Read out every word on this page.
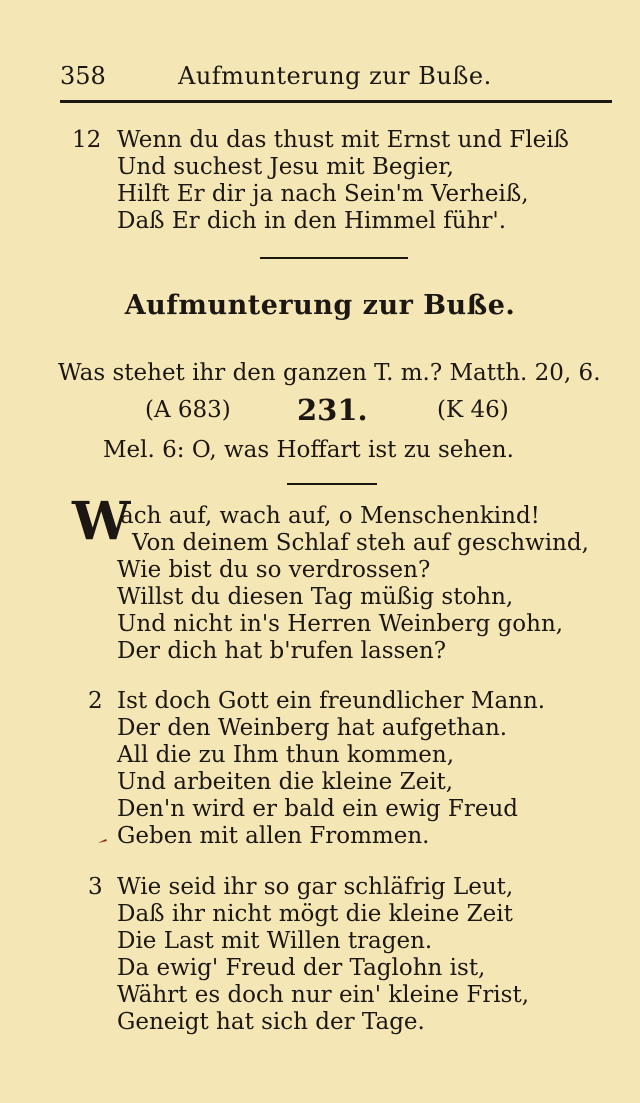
358	Aufmunterung zur Buße.
12 Wenn du das thust mit Ernst und Fleiß
Und suchest Jesu mit Begier,
Hilft Er dir ja nach Sein'm Verheiß,
Daß Er dich in den Himmel führ'.
Aufmunterung zur Buße.
Was stehet ihr den ganzen T. m.? Matth. 20, 6.
(A 683) 231.	(K 46)
Mel. 6: O, was Hoffart ist zu sehen.
W
ach auf, wach auf, o Menschenkind!
Von deinem Schlaf steh auf geschwind,
Wie bist du so verdrossen?
Willst du diesen Tag müßig stohn,
Und nicht in's Herren Weinberg gohn,
Der dich hat b'rufen lassen?
2 Ist doch Gott ein freundlicher Mann.
Der den Weinberg hat aufgethan.
All die zu Ihm thun kommen,
Und arbeiten die kleine Zeit,
Den'n wird er bald ein ewig Freud
Geben mit allen Frommen.
3 Wie seid ihr so gar schläfrig Leut,
Daß ihr nicht mögt die kleine Zeit
Die Last mit Willen tragen.
Da ewig' Freud der Taglohn ist,
Währt es doch nur ein' kleine Frist,
Geneigt hat sich der Tage.
